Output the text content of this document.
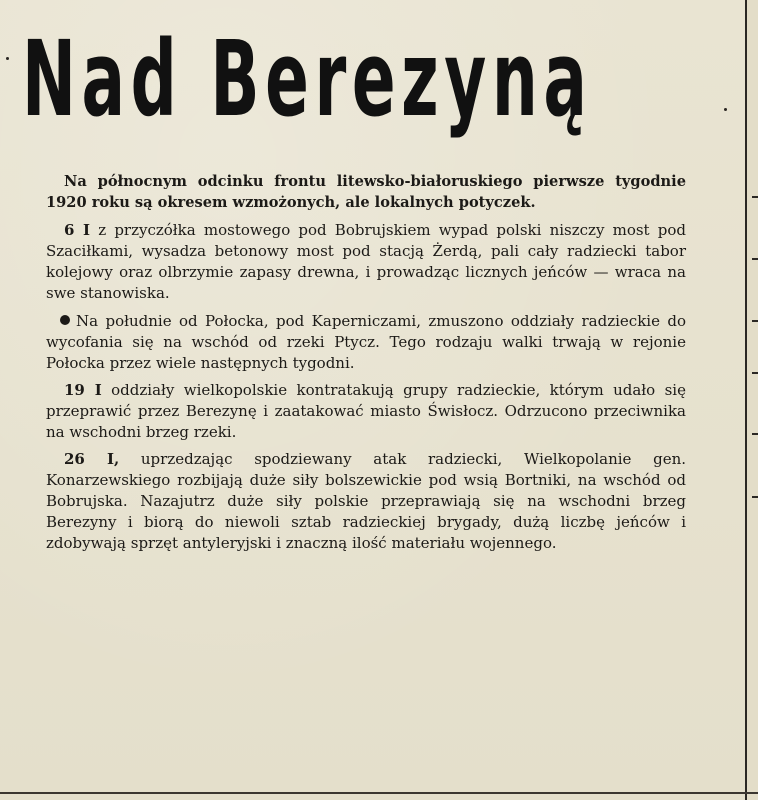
Nad Berezyną

Na północnym odcinku frontu litewsko-białoruskiego pierwsze tygodnie 1920 roku są okresem wzmożonych, ale lokalnych potyczek.

6 I z przyczółka mostowego pod Bobrujskiem wypad polski niszczy most pod Szaciłkami, wysadza betonowy most pod stacją Żerdą, pali cały radziecki tabor kolejowy oraz olbrzymie zapasy drewna, i prowadząc licznych jeńców — wraca na swe stanowiska.

Na południe od Połocka, pod Kaperniczami, zmuszono oddziały radzieckie do wycofania się na wschód od rzeki Ptycz. Tego rodzaju walki trwają w rejonie Połocka przez wiele następnych tygodni.

19 I oddziały wielkopolskie kontratakują grupy radzieckie, którym udało się przeprawić przez Berezynę i zaatakować miasto Świsłocz. Odrzucono przeciwnika na wschodni brzeg rzeki.

26 I, uprzedzając spodziewany atak radziecki, Wielkopolanie gen. Konarzewskiego rozbijają duże siły bolszewickie pod wsią Bortniki, na wschód od Bobrujska. Nazajutrz duże siły polskie przeprawiają się na wschodni brzeg Berezyny i biorą do niewoli sztab radzieckiej brygady, dużą liczbę jeńców i zdobywają sprzęt antyleryjski i znaczną ilość materiału wojennego.
